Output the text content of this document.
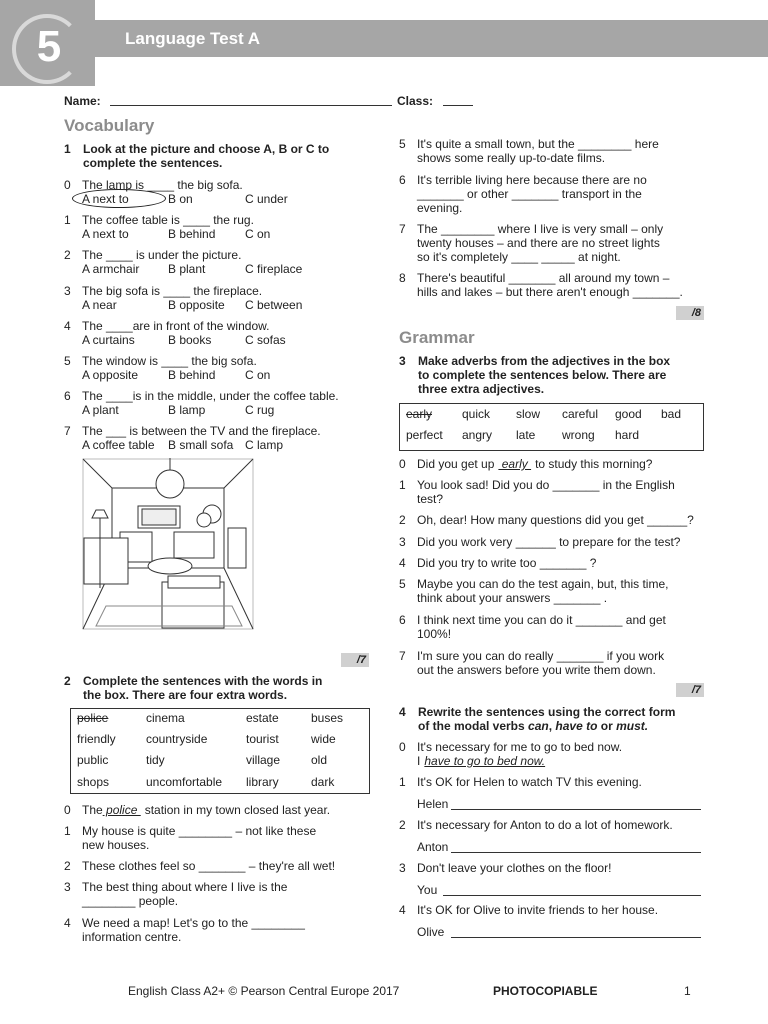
5	Language Test A
Name:	Class:
Vocabulary
1 Look at the picture and choose A, B or C to
complete the sentences.
0 The lamp is ____ the big sofa.
A next to	B on	C under
1 The coffee table is ____ the rug.
A next to	B behind C on
2 The ____ is under the picture.
A armchair B plant	C fireplace
3 The big sofa is ____ the fireplace.
A near	B opposite C between
4 The ____are in front of the window.
A curtains	B books	C sofas
5 The window is ____ the big sofa.
A opposite B behind C on
6 The ____is in the middle, under the coffee table.
A plant	B lamp	C rug
7 The ___ is between the TV and the fireplace.
A coffee table B small sofa C lamp
/7
2 Complete the sentences with the words in
the box. There are four extra words.
police	cinema	estate	buses
friendly	countryside	tourist	wide
public	tidy	village	old
shops	uncomfortable library	dark
0 The police station in my town closed last year.
1 My house is quite ________ – not like these
new houses.
2 These clothes feel so _______ – they're all wet!
3 The best thing about where I live is the
________ people.
4 We need a map! Let's go to the ________
information centre.
5 It's quite a small town, but the ________ here
shows some really up-to-date films.
6 It's terrible living here because there are no
_______ or other _______ transport in the
evening.
7 The ________ where I live is very small – only
twenty houses – and there are no street lights
so it's completely ____ _____ at night.
8 There's beautiful _______ all around my town –
hills and lakes – but there aren't enough _______.
/8
Grammar
3 Make adverbs from the adjectives in the box
to complete the sentences below. There are
three extra adjectives.
early quick slow careful good bad
perfect angry late wrong hard
0 Did you get up early to study this morning?
1 You look sad! Did you do _______ in the English
test?
2 Oh, dear! How many questions did you get ______?
3 Did you work very ______ to prepare for the test?
4 Did you try to write too _______ ?
5 Maybe you can do the test again, but, this time,
think about your answers _______ .
6 I think next time you can do it _______ and get
100%!
7 I'm sure you can do really _______ if you work
out the answers before you write them down.
/7
4 Rewrite the sentences using the correct form
of the modal verbs can, have to or must.
0 It's necessary for me to go to bed now.
I have to go to bed now.
1 It's OK for Helen to watch TV this evening.
Helen
2 It's necessary for Anton to do a lot of homework.
Anton
3 Don't leave your clothes on the floor!
You
4 It's OK for Olive to invite friends to her house.
Olive
English Class A2+ © Pearson Central Europe 2017	PHOTOCOPIABLE	1
